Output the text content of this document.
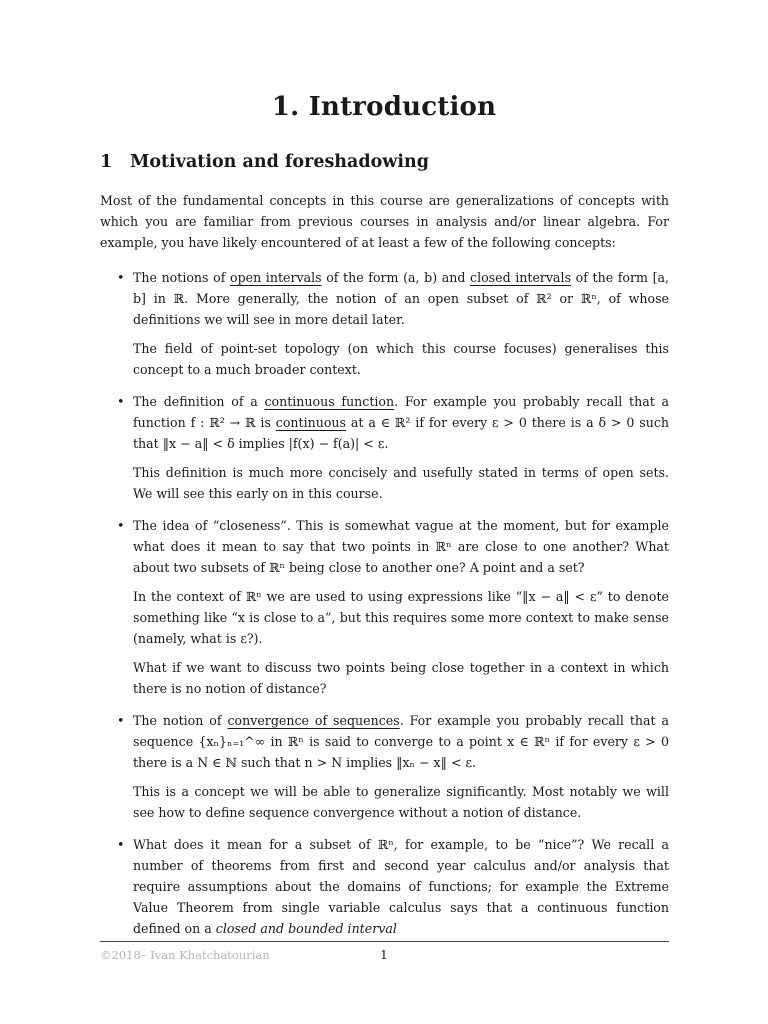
1. Introduction
1 Motivation and foreshadowing
Most of the fundamental concepts in this course are generalizations of concepts with which you are familiar from previous courses in analysis and/or linear algebra. For example, you have likely encountered of at least a few of the following concepts:
• The notions of open intervals of the form (a, b) and closed intervals of the form [a, b] in ℝ. More generally, the notion of an open subset of ℝ² or ℝⁿ, of whose definitions we will see in more detail later.

The field of point-set topology (on which this course focuses) generalises this concept to a much broader context.

• The definition of a continuous function. For example you probably recall that a function f : ℝ² → ℝ is continuous at a ∈ ℝ² if for every ε > 0 there is a δ > 0 such that ‖x − a‖ < δ implies |f(x) − f(a)| < ε.

This definition is much more concisely and usefully stated in terms of open sets. We will see this early on in this course.

• The idea of “closeness”. This is somewhat vague at the moment, but for example what does it mean to say that two points in ℝⁿ are close to one another? What about two subsets of ℝⁿ being close to another one? A point and a set?

In the context of ℝⁿ we are used to using expressions like “‖x − a‖ < ε” to denote something like “x is close to a”, but this requires some more context to make sense (namely, what is ε?).

What if we want to discuss two points being close together in a context in which there is no notion of distance?

• The notion of convergence of sequences. For example you probably recall that a sequence {xₙ}ₙ₌₁^∞ in ℝⁿ is said to converge to a point x ∈ ℝⁿ if for every ε > 0 there is a N ∈ ℕ such that n > N implies ‖xₙ − x‖ < ε.

This is a concept we will be able to generalize significantly. Most notably we will see how to define sequence convergence without a notion of distance.

• What does it mean for a subset of ℝⁿ, for example, to be “nice”? We recall a number of theorems from first and second year calculus and/or analysis that require assumptions about the domains of functions; for example the Extreme Value Theorem from single variable calculus says that a continuous function defined on a closed and bounded interval

©2018– Ivan Khatchatourian	1
